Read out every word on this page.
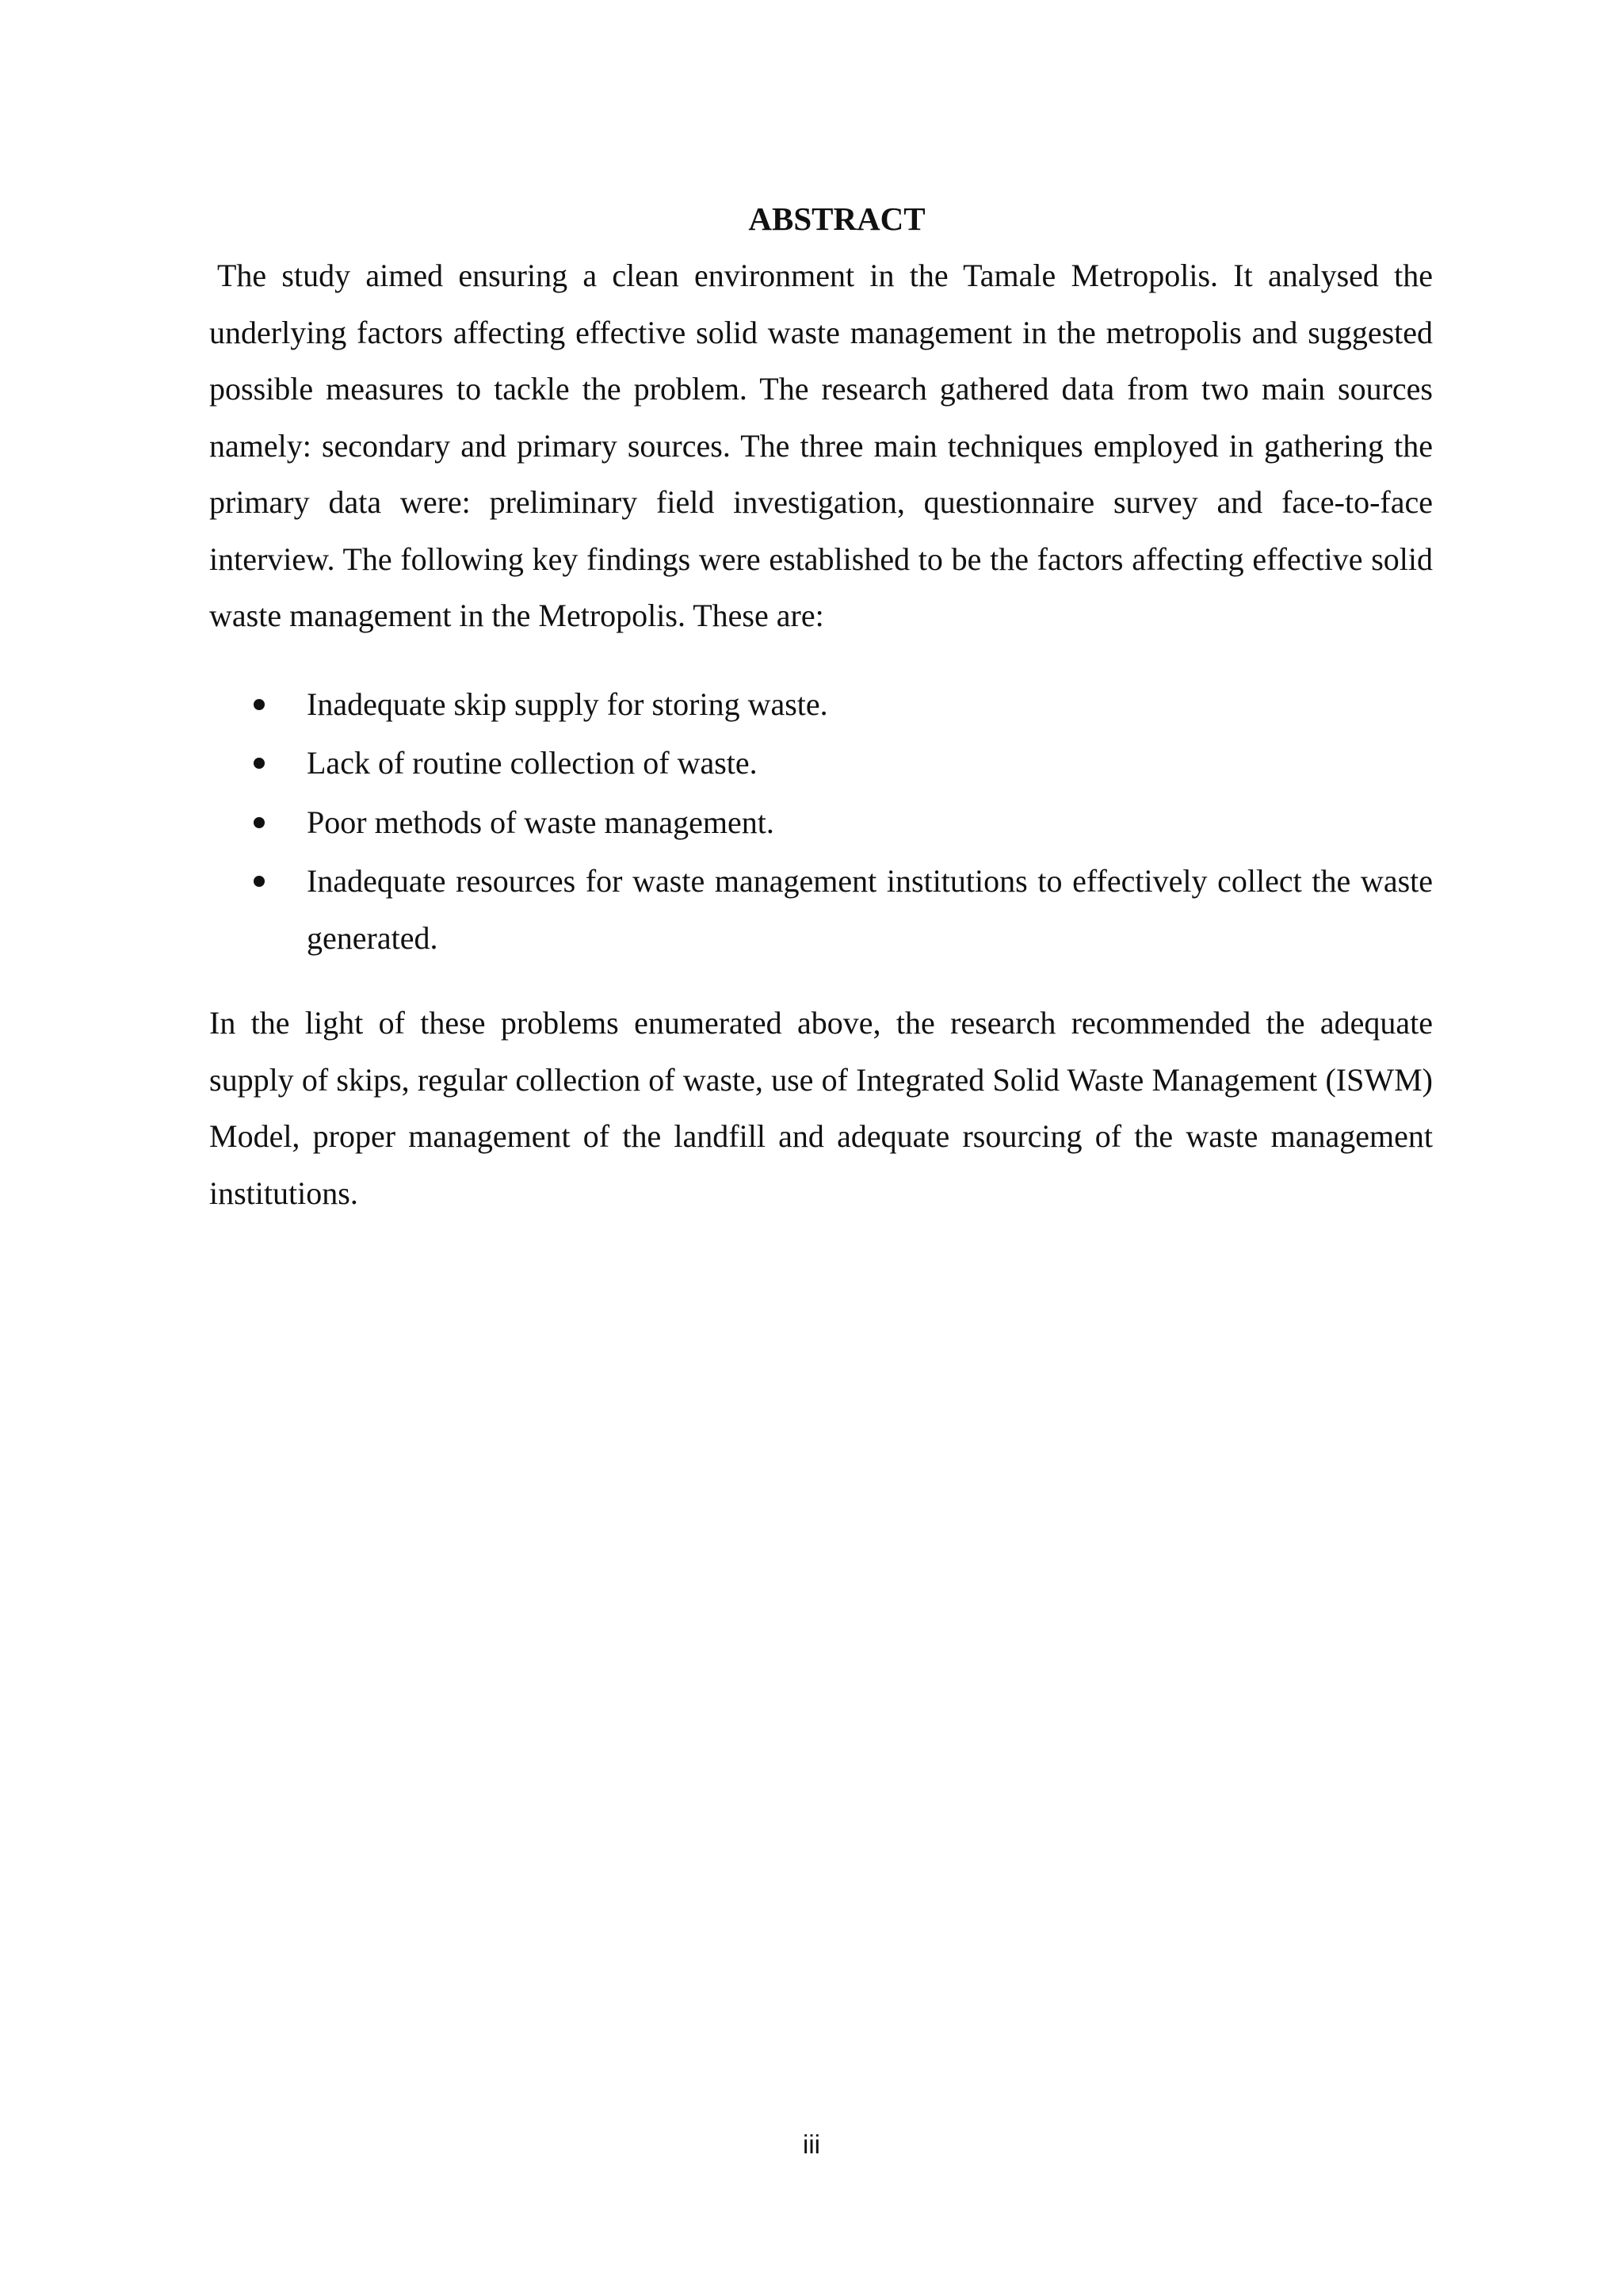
ABSTRACT

The study aimed ensuring a clean environment in the Tamale Metropolis. It analysed the underlying factors affecting effective solid waste management in the metropolis and suggested possible measures to tackle the problem. The research gathered data from two main sources namely: secondary and primary sources. The three main techniques employed in gathering the primary data were: preliminary field investigation, questionnaire survey and face-to-face interview. The following key findings were established to be the factors affecting effective solid waste management in the Metropolis. These are:

Inadequate skip supply for storing waste.
Lack of routine collection of waste.
Poor methods of waste management.
Inadequate resources for waste management institutions to effectively collect the waste generated.

In the light of these problems enumerated above, the research recommended the adequate supply of skips, regular collection of waste, use of Integrated Solid Waste Management (ISWM) Model, proper management of the landfill and adequate rsourcing of the waste management institutions.

iii
